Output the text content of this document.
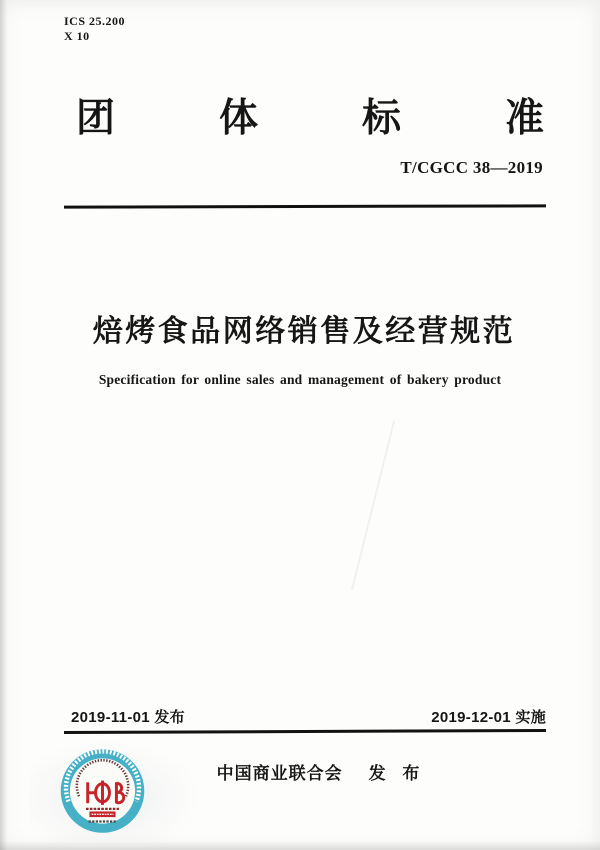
ICS 25.200
X 10
团	体	标	准
T/CGCC 38—2019
焙烤食品网络销售及经营规范
Specification for online sales and management of bakery product
2019-11-01 发布	2019-12-01 实施
中国商业联合会 发 布
